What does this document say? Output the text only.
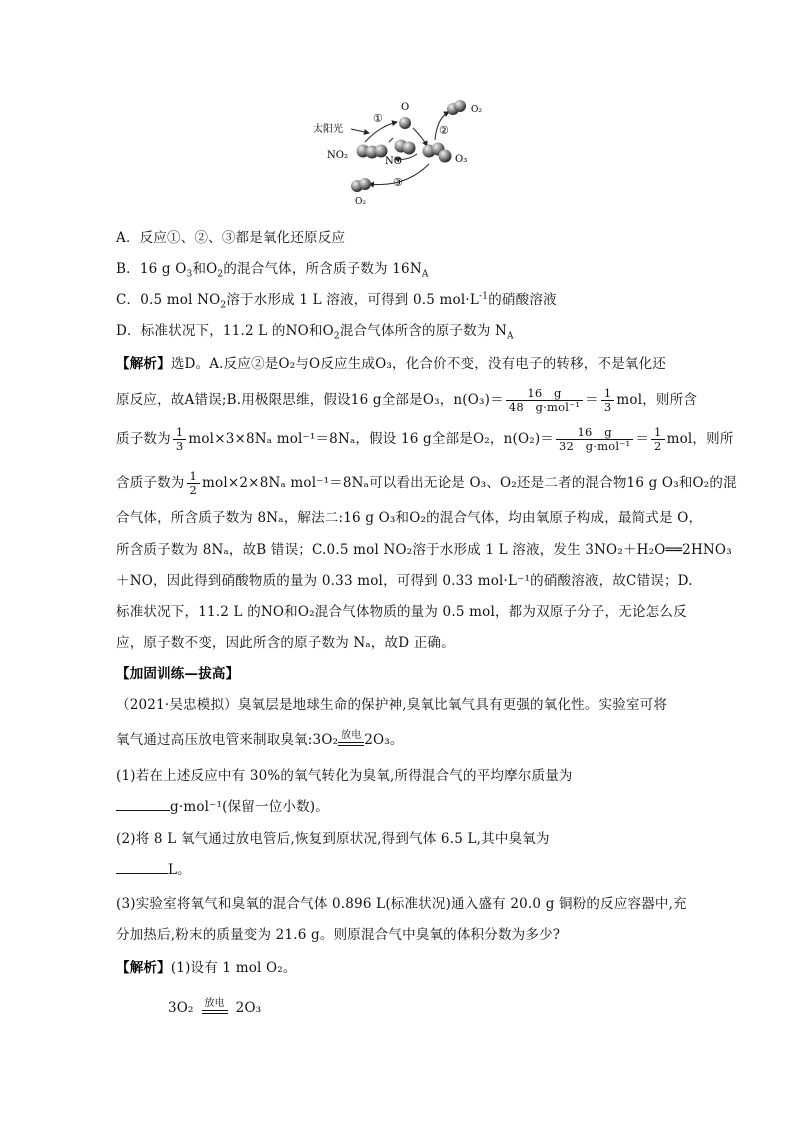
太阳光
①
O
NO₂
NO	O₃
②
O₂
③
O₂
A．反应①、②、③都是氧化还原反应
B．16 g $O_3$和$O_2$的混合气体，所含质子数为 $16N_A$
C．0.5 mol $NO_2$溶于水形成 1 L 溶液，可得到 0.5 $mol\cdot L^{-1}$的硝酸溶液
D．标准状况下，11.2 L 的NO和$O_2$混合气体所含的原子数为 $N_A$
【解析】选D。A.反应②是O₂与O反应生成O₃，化合价不变，没有电子的转移，不是氧化还
原反应，故A错误;B.用极限思维，假设16 g全部是O₃，n(O₃)＝	16　g
48　$g\cdot mol^{-1} = \frac{1}{3}$ mol，则所含
质子数为 $\frac{1}{3} mol\times 3\times 8N_a$ mol⁻¹＝8Nₐ，假设 16 g全部是O₂，n(O₂)＝	16　g
32　$g\cdot mol^{-1} = \frac{1}{2}$ mol，则所
含质子数为 $\frac{1}{2} mol\times 2\times 8N_a$ mol⁻¹＝8Nₐ可以看出无论是 O₃、O₂还是二者的混合物16 g O₃和O₂的混
合气体，所含质子数为 8Nₐ，解法二:16 g O₃和O₂的混合气体，均由氧原子构成，最简式是 O，
所含质子数为 8Nₐ，故B 错误；C.0.5 mol NO₂溶于水形成 1 L 溶液，发生 3NO₂＋H₂O══2HNO₃
＋NO，因此得到硝酸物质的量为 0.33 mol，可得到 0.33 mol·L⁻¹的硝酸溶液，故C错误；D.
标准状况下，11.2 L 的NO和O₂混合气体物质的量为 0.5 mol，都为双原子分子，无论怎么反
应，原子数不变，因此所含的原子数为 Nₐ，故D 正确。
【加固训练—拔高】
（2021·吴忠模拟）臭氧层是地球生命的保护神,臭氧比氧气具有更强的氧化性。实验室可将
氧气通过高压放电管来制取臭氧:3O₂ 放电 2O₃。
(1)若在上述反应中有 30%的氧气转化为臭氧,所得混合气的平均摩尔质量为
g·mol⁻¹(保留一位小数)。
(2)将 8 L 氧气通过放电管后,恢复到原状况,得到气体 6.5 L,其中臭氧为
L。
(3)实验室将氧气和臭氧的混合气体 0.896 L(标准状况)通入盛有 20.0 g 铜粉的反应容器中,充
分加热后,粉末的质量变为 21.6 g。则原混合气中臭氧的体积分数为多少?
【解析】(1)设有 1 mol O₂。
3O₂ 放电 2O₃
